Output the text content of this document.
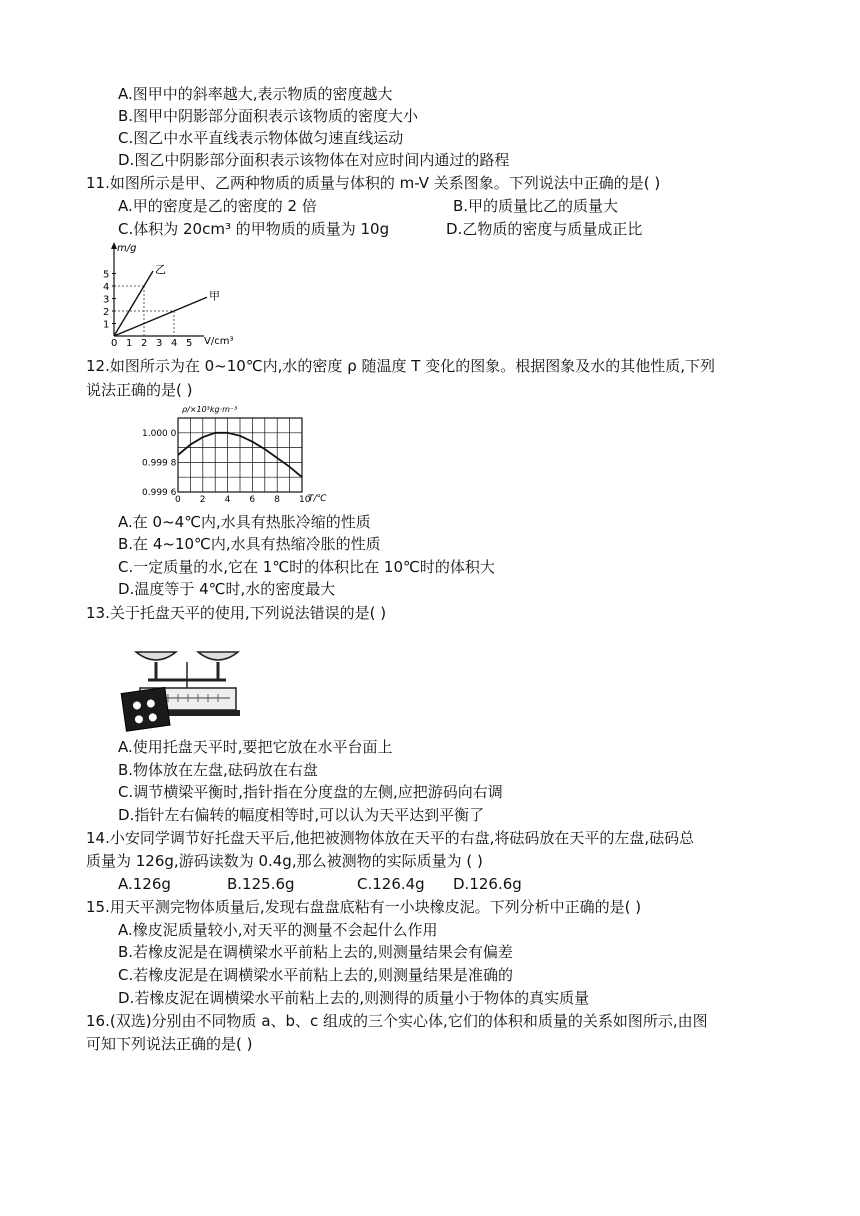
A.图甲中的斜率越大,表示物质的密度越大
B.图甲中阴影部分面积表示该物质的密度大小
C.图乙中水平直线表示物体做匀速直线运动
D.图乙中阴影部分面积表示该物体在对应时间内通过的路程
11.如图所示是甲、乙两种物质的质量与体积的 m-V 关系图象。下列说法中正确的是( )
A.甲的密度是乙的密度的 2 倍	B.甲的质量比乙的质量大
C.体积为 20cm³ 的甲物质的质量为 10g	D.乙物质的密度与质量成正比
m/g
V/cm³
0 1 2 3 4 5
1
2
3
4
5	乙
甲
12.如图所示为在 0~10℃内,水的密度 ρ 随温度 T 变化的图象。根据图象及水的其他性质,下列
说法正确的是( )
ρ/×10³kg·m⁻³
0 2 4 6 8 10
1.000 0
0.999 8
0.999 6
T/℃
A.在 0~4℃内,水具有热胀冷缩的性质
B.在 4~10℃内,水具有热缩冷胀的性质
C.一定质量的水,它在 1℃时的体积比在 10℃时的体积大
D.温度等于 4℃时,水的密度最大
13.关于托盘天平的使用,下列说法错误的是( )
A.使用托盘天平时,要把它放在水平台面上
B.物体放在左盘,砝码放在右盘
C.调节横梁平衡时,指针指在分度盘的左侧,应把游码向右调
D.指针左右偏转的幅度相等时,可以认为天平达到平衡了
14.小安同学调节好托盘天平后,他把被测物体放在天平的右盘,将砝码放在天平的左盘,砝码总
质量为 126g,游码读数为 0.4g,那么被测物的实际质量为 ( )
A.126g	B.125.6g	C.126.4g D.126.6g
15.用天平测完物体质量后,发现右盘盘底粘有一小块橡皮泥。下列分析中正确的是( )
A.橡皮泥质量较小,对天平的测量不会起什么作用
B.若橡皮泥是在调横梁水平前粘上去的,则测量结果会有偏差
C.若橡皮泥是在调横梁水平前粘上去的,则测量结果是准确的
D.若橡皮泥在调横梁水平前粘上去的,则测得的质量小于物体的真实质量
16.(双选)分别由不同物质 a、b、c 组成的三个实心体,它们的体积和质量的关系如图所示,由图
可知下列说法正确的是( )
